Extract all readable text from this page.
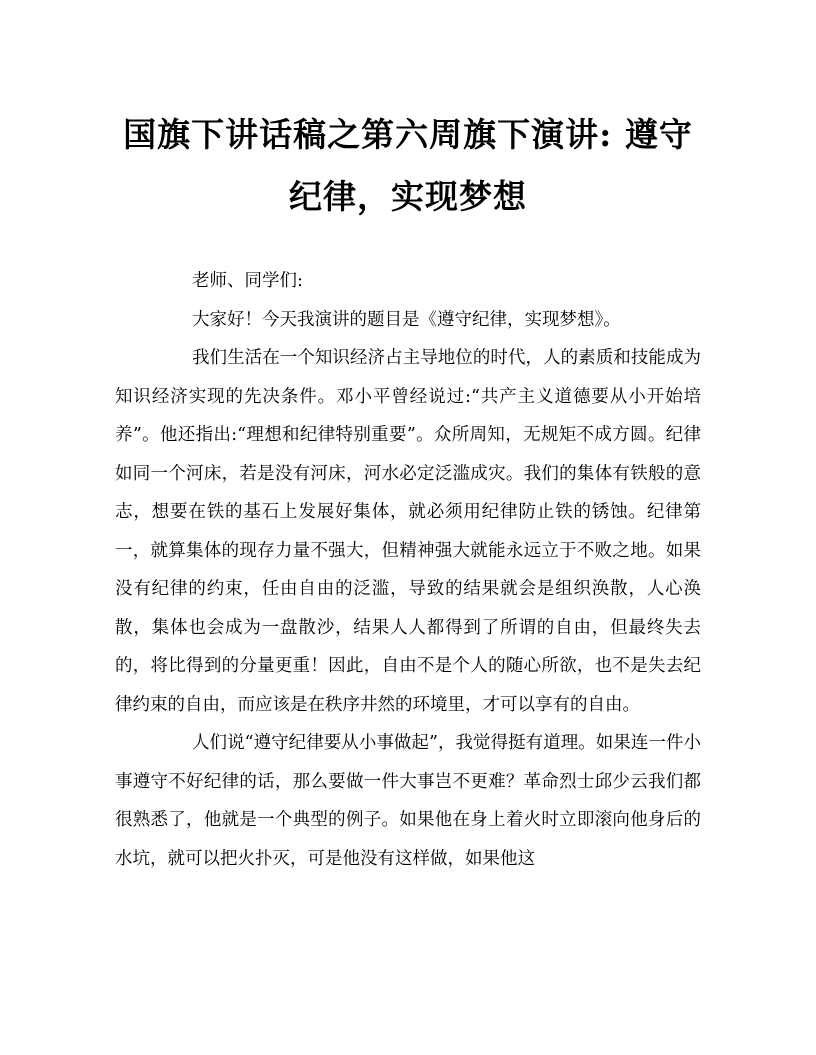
国旗下讲话稿之第六周旗下演讲: 遵守
纪律，实现梦想

老师、同学们:

大家好！今天我演讲的题目是《遵守纪律，实现梦想》。

我们生活在一个知识经济占主导地位的时代，人的素质和技能成为知识经济实现的先决条件。邓小平曾经说过:“共产主义道德要从小开始培养”。他还指出:“理想和纪律特别重要”。众所周知，无规矩不成方圆。纪律如同一个河床，若是没有河床，河水必定泛滥成灾。我们的集体有铁般的意志，想要在铁的基石上发展好集体，就必须用纪律防止铁的锈蚀。纪律第一，就算集体的现存力量不强大，但精神强大就能永远立于不败之地。如果没有纪律的约束，任由自由的泛滥，导致的结果就会是组织涣散，人心涣散，集体也会成为一盘散沙，结果人人都得到了所谓的自由，但最终失去的，将比得到的分量更重！因此，自由不是个人的随心所欲，也不是失去纪律约束的自由，而应该是在秩序井然的环境里，才可以享有的自由。

人们说“遵守纪律要从小事做起”，我觉得挺有道理。如果连一件小事遵守不好纪律的话，那么要做一件大事岂不更难？革命烈士邱少云我们都很熟悉了，他就是一个典型的例子。如果他在身上着火时立即滚向他身后的水坑，就可以把火扑灭，可是他没有这样做，如果他这
